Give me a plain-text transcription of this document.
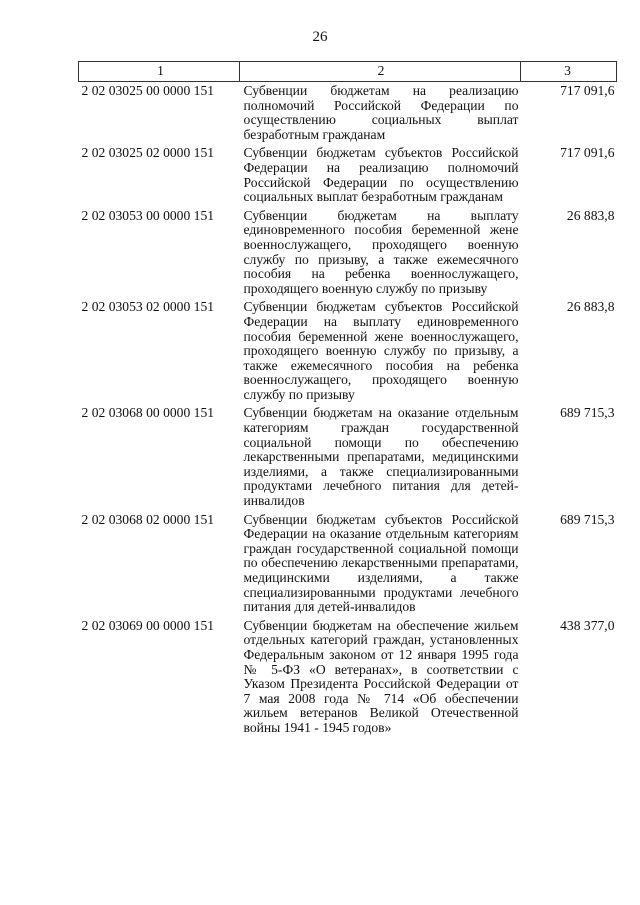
26
1	2	3
2 02 03025 00 0000 151	Субвенции бюджетам на реализацию полномочий Российской Федерации по осуществлению социальных выплат безработным гражданам	717 091,6
2 02 03025 02 0000 151	Субвенции бюджетам субъектов Российской Федерации на реализацию полномочий Российской Федерации по осуществлению социальных выплат безработным гражданам	717 091,6
2 02 03053 00 0000 151	Субвенции бюджетам на выплату единовременного пособия беременной жене военнослужащего, проходящего военную службу по призыву, а также ежемесячного пособия на ребенка военнослужащего, проходящего военную службу по призыву	26 883,8
2 02 03053 02 0000 151	Субвенции бюджетам субъектов Российской Федерации на выплату единовременного пособия беременной жене военнослужащего, проходящего военную службу по призыву, а также ежемесячного пособия на ребенка военнослужащего, проходящего военную службу по призыву	26 883,8
2 02 03068 00 0000 151	Субвенции бюджетам на оказание отдельным категориям граждан государственной социальной помощи по обеспечению лекарственными препаратами, медицинскими изделиями, а также специализированными продуктами лечебного питания для детей-инвалидов	689 715,3
2 02 03068 02 0000 151	Субвенции бюджетам субъектов Российской Федерации на оказание отдельным категориям граждан государственной социальной помощи по обеспечению лекарственными препаратами, медицинскими изделиями, а также специализированными продуктами лечебного питания для детей-инвалидов	689 715,3
2 02 03069 00 0000 151	Субвенции бюджетам на обеспечение жильем отдельных категорий граждан, установленных Федеральным законом от 12 января 1995 года № 5-ФЗ «О ветеранах», в соответствии с Указом Президента Российской Федерации от 7 мая 2008 года № 714 «Об обеспечении жильем ветеранов Великой Отечественной войны 1941 - 1945 годов»	438 377,0
